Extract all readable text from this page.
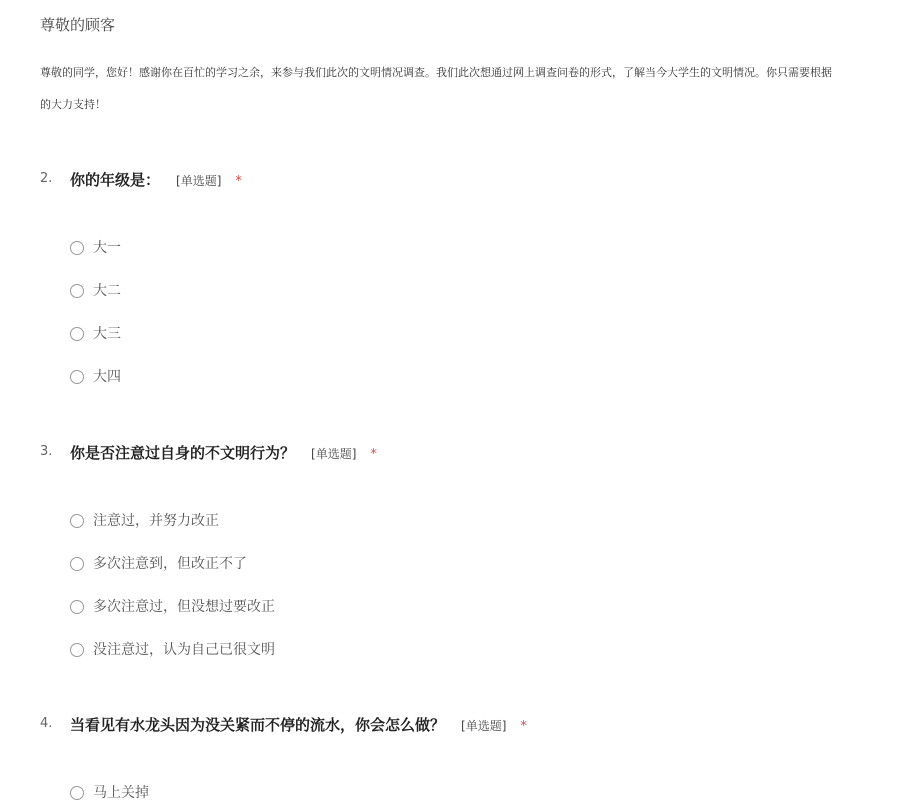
尊敬的顾客
尊敬的同学，您好！感谢你在百忙的学习之余，来参与我们此次的文明情况调查。我们此次想通过网上调查问卷的形式，了解当今大学生的文明情况。你只需要根据
的大力支持！
2. 你的年级是： [单选题] *
大一
大二
大三
大四
3. 你是否注意过自身的不文明行为？ [单选题] *
注意过，并努力改正
多次注意到，但改正不了
多次注意过，但没想过要改正
没注意过，认为自己已很文明
4. 当看见有水龙头因为没关紧而不停的流水，你会怎么做？ [单选题] *
马上关掉
